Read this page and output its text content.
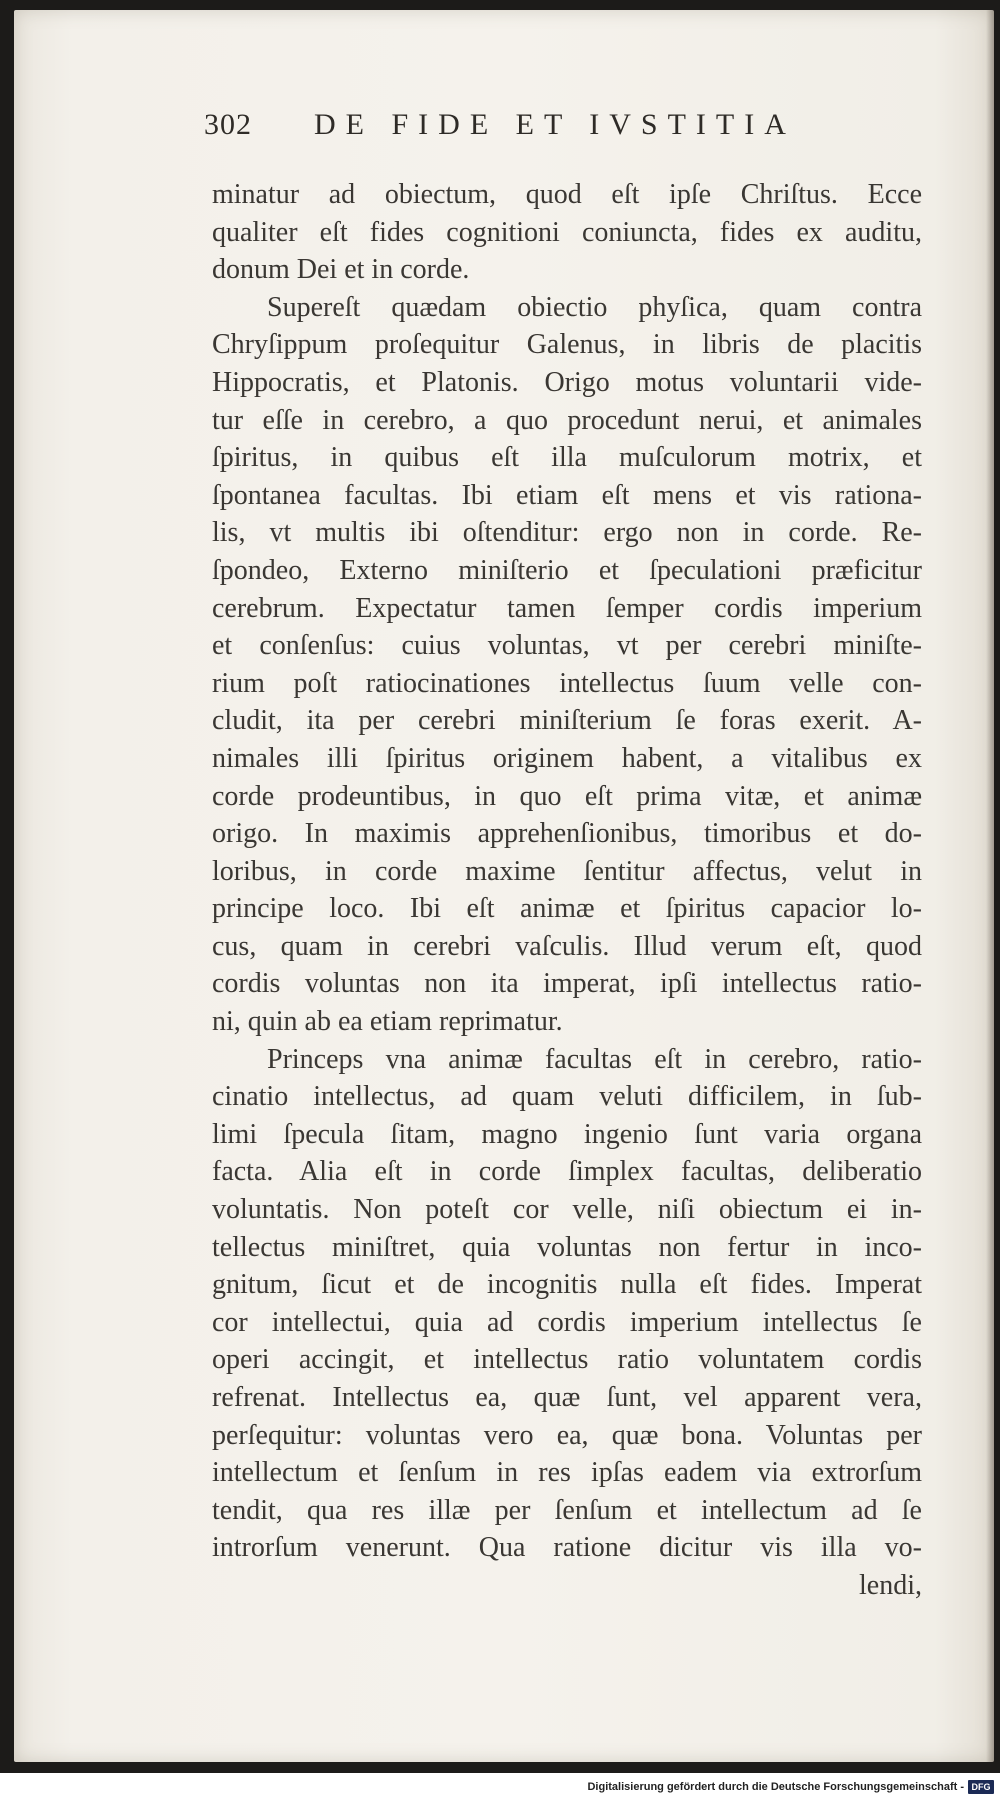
302 DE FIDE ET IVSTITIA
minatur ad obiectum, quod eſt ipſe Chriſtus. Ecce
qualiter eſt fides cognitioni coniuncta, fides ex auditu,
donum Dei et in corde.
Supereſt quædam obiectio phyſica, quam contra
Chryſippum proſequitur Galenus, in libris de placitis
Hippocratis, et Platonis. Origo motus voluntarii vide-
tur eſſe in cerebro, a quo procedunt nerui, et animales
ſpiritus, in quibus eſt illa muſculorum motrix, et
ſpontanea facultas. Ibi etiam eſt mens et vis rationa-
lis, vt multis ibi oſtenditur: ergo non in corde. Re-
ſpondeo, Externo miniſterio et ſpeculationi præficitur
cerebrum. Expectatur tamen ſemper cordis imperium
et conſenſus: cuius voluntas, vt per cerebri miniſte-
rium poſt ratiocinationes intellectus ſuum velle con-
cludit, ita per cerebri miniſterium ſe foras exerit. A-
nimales illi ſpiritus originem habent, a vitalibus ex
corde prodeuntibus, in quo eſt prima vitæ, et animæ
origo. In maximis apprehenſionibus, timoribus et do-
loribus, in corde maxime ſentitur affectus, velut in
principe loco. Ibi eſt animæ et ſpiritus capacior lo-
cus, quam in cerebri vaſculis. Illud verum eſt, quod
cordis voluntas non ita imperat, ipſi intellectus ratio-
ni, quin ab ea etiam reprimatur.
Princeps vna animæ facultas eſt in cerebro, ratio-
cinatio intellectus, ad quam veluti difficilem, in ſub-
limi ſpecula ſitam, magno ingenio ſunt varia organa
facta. Alia eſt in corde ſimplex facultas, deliberatio
voluntatis. Non poteſt cor velle, niſi obiectum ei in-
tellectus miniſtret, quia voluntas non fertur in inco-
gnitum, ſicut et de incognitis nulla eſt fides. Imperat
cor intellectui, quia ad cordis imperium intellectus ſe
operi accingit, et intellectus ratio voluntatem cordis
refrenat. Intellectus ea, quæ ſunt, vel apparent vera,
perſequitur: voluntas vero ea, quæ bona. Voluntas per
intellectum et ſenſum in res ipſas eadem via extrorſum
tendit, qua res illæ per ſenſum et intellectum ad ſe
introrſum venerunt. Qua ratione dicitur vis illa vo-
lendi,
Digitalisierung gefördert durch die Deutsche Forschungsgemeinschaft - DFG
